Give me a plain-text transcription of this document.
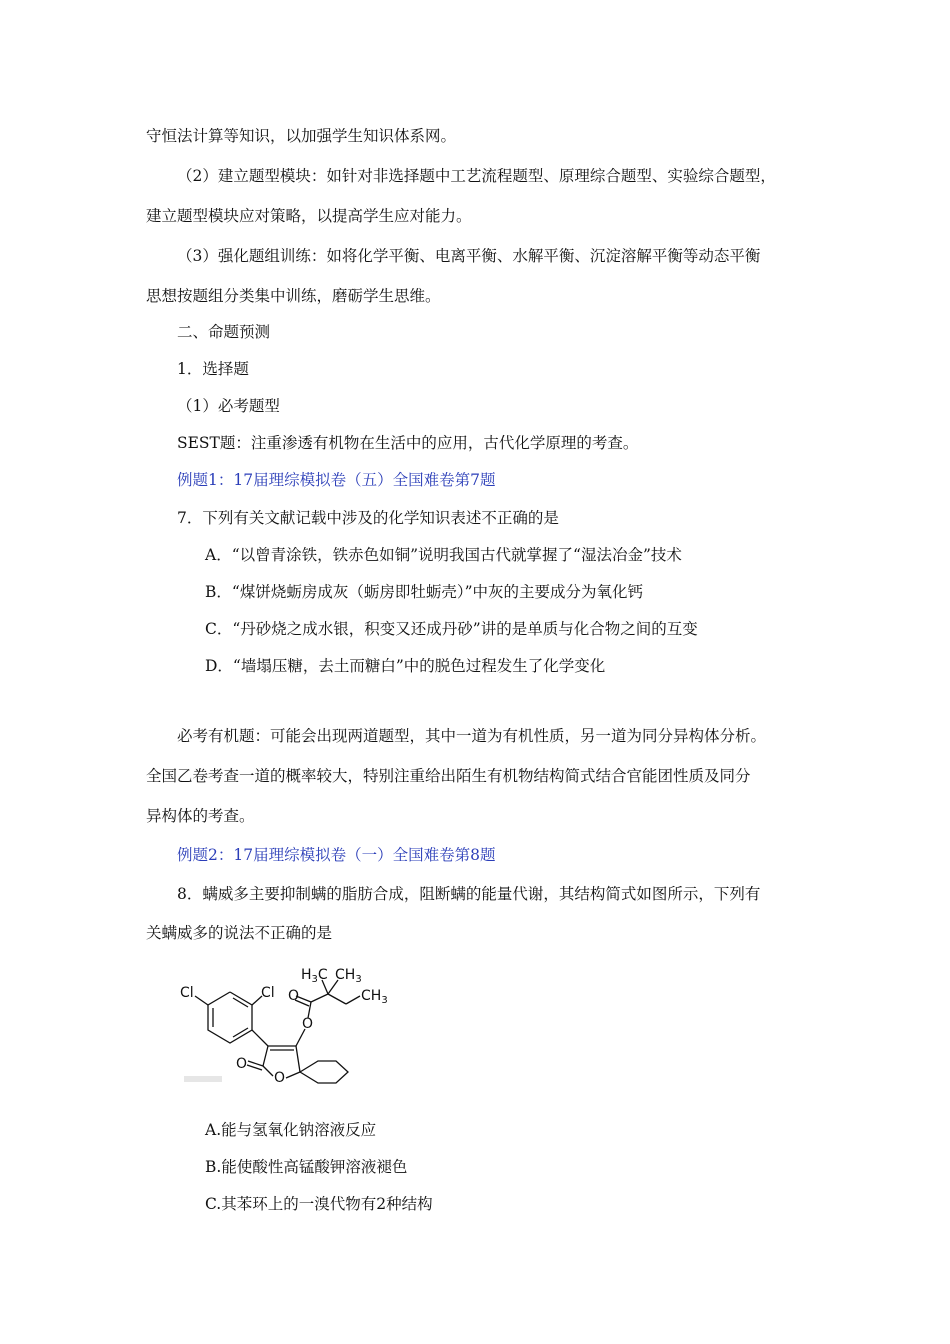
守恒法计算等知识，以加强学生知识体系网。
（2）建立题型模块：如针对非选择题中工艺流程题型、原理综合题型、实验综合题型，
建立题型模块应对策略，以提高学生应对能力。
（3）强化题组训练：如将化学平衡、电离平衡、水解平衡、沉淀溶解平衡等动态平衡
思想按题组分类集中训练，磨砺学生思维。
二、命题预测
1．选择题
（1）必考题型
SEST题：注重渗透有机物在生活中的应用，古代化学原理的考查。
例题1：17届理综模拟卷（五）全国难卷第7题
7．下列有关文献记载中涉及的化学知识表述不正确的是
A．“以曾青涂铁，铁赤色如铜”说明我国古代就掌握了“湿法冶金”技术
B．“煤饼烧蛎房成灰（蛎房即牡蛎壳）”中灰的主要成分为氧化钙
C．“丹砂烧之成水银，积变又还成丹砂”讲的是单质与化合物之间的互变
D．“墙塌压糖，去土而糖白”中的脱色过程发生了化学变化
必考有机题：可能会出现两道题型，其中一道为有机性质，另一道为同分异构体分析。
全国乙卷考查一道的概率较大，特别注重给出陌生有机物结构简式结合官能团性质及同分
异构体的考查。
例题2：17届理综模拟卷（一）全国难卷第8题
8．螨威多主要抑制螨的脂肪合成，阻断螨的能量代谢，其结构简式如图所示，下列有
关螨威多的说法不正确的是
Cl	Cl O
O
O
O
$H_3C$ $CH_3$
$CH_3$
A.能与氢氧化钠溶液反应
B.能使酸性高锰酸钾溶液褪色
C.其苯环上的一溴代物有2种结构
